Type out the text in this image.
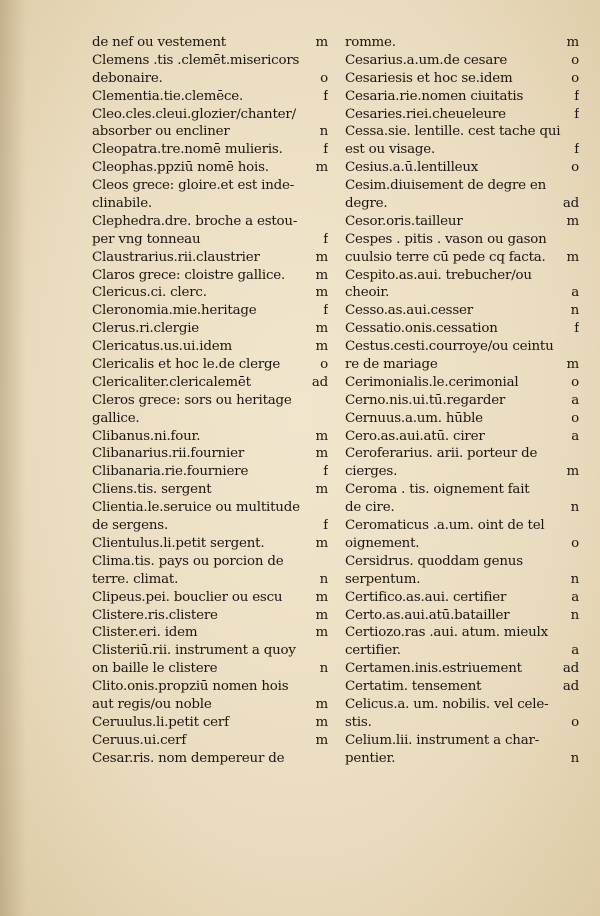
de nef ou vestement	m
Clemens .tis .clemēt.misericors
debonaire.	o
Clementia.tie.clemēce.	f
Cleo.cles.cleui.glozier/chanter/
absorber ou encliner	n
Cleopatra.tre.nomē mulieris.	f
Cleophas.ppziū nomē hois.	m
Cleos grece: gloire.et est inde-
clinabile.
Clephedra.dre. broche a estou-
per vng tonneau	f
Claustrarius.rii.claustrier	m
Claros grece: cloistre gallice. m
Clericus.ci. clerc.	m
Cleronomia.mie.heritage	f
Clerus.ri.clergie	m
Clericatus.us.ui.idem	m
Clericalis et hoc le.de clerge	o
Clericaliter.clericalemēt	ad
Cleros grece: sors ou heritage
gallice.
Clibanus.ni.four.	m
Clibanarius.rii.fournier	m
Clibanaria.rie.fourniere	f
Cliens.tis. sergent	m
Clientia.le.seruice ou multitude
de sergens.	f
Clientulus.li.petit sergent.	m
Clima.tis. pays ou porcion de
terre. climat.	n
Clipeus.pei. bouclier ou escu m
Clistere.ris.clistere	m
Clister.eri. idem	m
Clisteriū.rii. instrument a quoy
on baille le clistere	n
Clito.onis.propziū nomen hois
aut regis/ou noble	m
Ceruulus.li.petit cerf	m
Ceruus.ui.cerf	m
Cesar.ris. nom dempereur de
romme.	m
Cesarius.a.um.de cesare	o
Cesariesis et hoc se.idem	o
Cesaria.rie.nomen ciuitatis	f
Cesaries.riei.cheueleure	f
Cessa.sie. lentille. cest tache qui
est ou visage.	f
Cesius.a.ū.lentilleux	o
Cesim.diuisement de degre en
degre.	ad
Cesor.oris.tailleur	m
Cespes . pitis . vason ou gason
cuulsio terre cū pede cq facta. m
Cespito.as.aui. trebucher/ou
cheoir.	a
Cesso.as.aui.cesser	n
Cessatio.onis.cessation	f
Cestus.cesti.courroye/ou ceintu
re de mariage	m
Cerimonialis.le.cerimonial	o
Cerno.nis.ui.tū.regarder	a
Cernuus.a.um. hūble	o
Cero.as.aui.atū. cirer	a
Ceroferarius. arii. porteur de
cierges.	m
Ceroma . tis. oignement fait
de cire.	n
Ceromaticus .a.um. oint de tel
oignement.	o
Cersidrus. quoddam genus
serpentum.	n
Certifico.as.aui. certifier	a
Certo.as.aui.atū.batailler	n
Certiozo.ras .aui. atum. mieulx
certifier.	a
Certamen.inis.estriuement	ad
Certatim. tensement	ad
Celicus.a. um. nobilis. vel cele-
stis.	o
Celium.lii. instrument a char-
pentier.	n
